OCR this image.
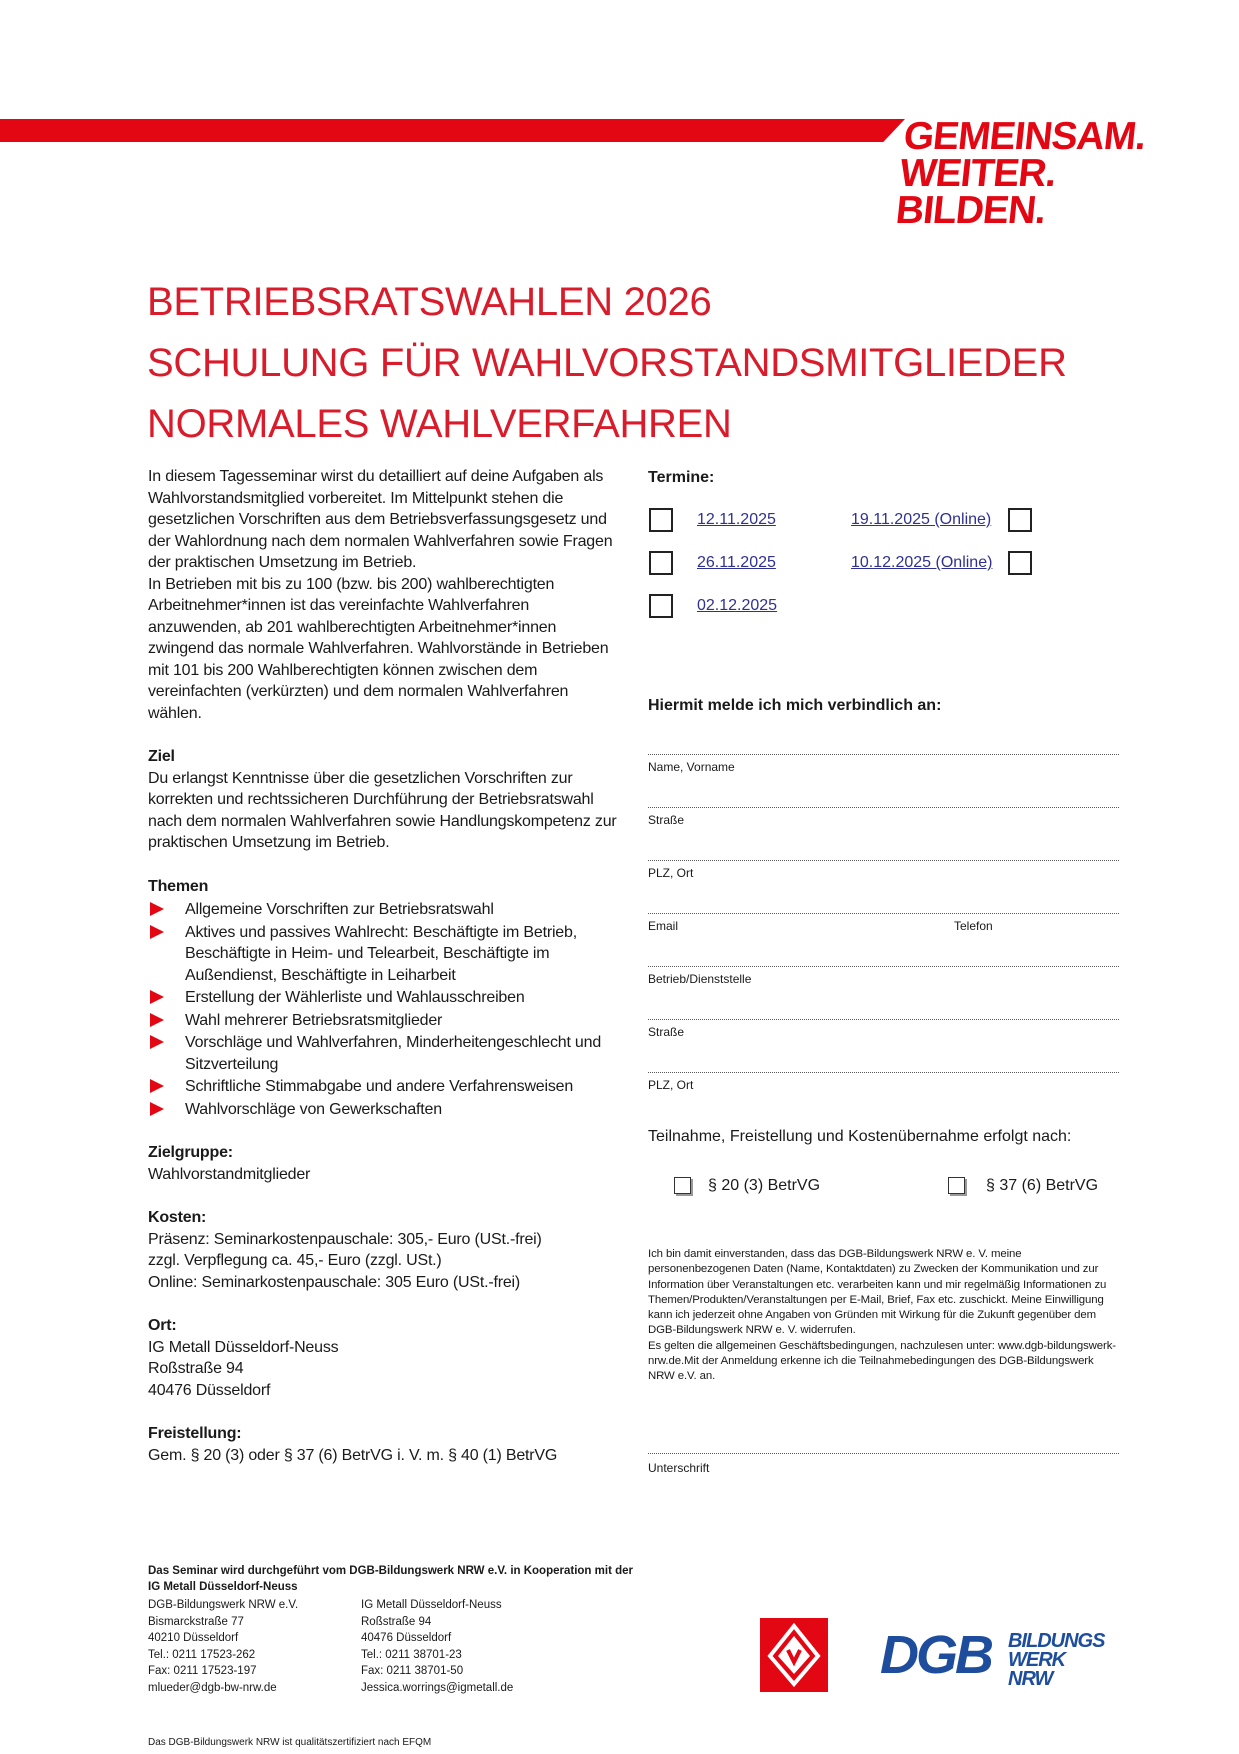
GEMEINSAM.
WEITER.
BILDEN.
BETRIEBSRATSWAHLEN 2026
SCHULUNG FÜR WAHLVORSTANDSMITGLIEDER
NORMALES WAHLVERFAHREN

In diesem Tagesseminar wirst du detailliert auf deine Aufgaben als Wahlvorstandsmitglied vorbereitet. Im Mittelpunkt stehen die gesetzlichen Vorschriften aus dem Betriebsverfassungsgesetz und der Wahlordnung nach dem normalen Wahlverfahren sowie Fragen der praktischen Umsetzung im Betrieb.

In Betrieben mit bis zu 100 (bzw. bis 200) wahlberechtigten Arbeitnehmer*innen ist das vereinfachte Wahlverfahren anzuwenden, ab 201 wahlberechtigten Arbeitnehmer*innen zwingend das normale Wahlverfahren. Wahlvorstände in Betrieben mit 101 bis 200 Wahlberechtigten können zwischen dem vereinfachten (verkürzten) und dem normalen Wahlverfahren wählen.

Ziel

Du erlangst Kenntnisse über die gesetzlichen Vorschriften zur korrekten und rechtssicheren Durchführung der Betriebsratswahl nach dem normalen Wahlverfahren sowie Handlungskompetenz zur praktischen Umsetzung im Betrieb.

Themen

Allgemeine Vorschriften zur Betriebsratswahl
Aktives und passives Wahlrecht: Beschäftigte im Betrieb, Beschäftigte in Heim- und Telearbeit, Beschäftigte im Außendienst, Beschäftigte in Leiharbeit
Erstellung der Wählerliste und Wahlausschreiben
Wahl mehrerer Betriebsratsmitglieder
Vorschläge und Wahlverfahren, Minderheitengeschlecht und Sitzverteilung
Schriftliche Stimmabgabe und andere Verfahrensweisen
Wahlvorschläge von Gewerkschaften

Zielgruppe:

Wahlvorstandmitglieder

Kosten:

Präsenz: Seminarkostenpauschale: 305,- Euro (USt.-frei)

zzgl. Verpflegung ca. 45,- Euro (zzgl. USt.)

Online: Seminarkostenpauschale: 305 Euro (USt.-frei)

Ort:

IG Metall Düsseldorf-Neuss

Roßstraße 94

40476 Düsseldorf

Freistellung:

Gem. § 20 (3) oder § 37 (6) BetrVG i. V. m. § 40 (1) BetrVG

Termine:
12.11.2025	19.11.2025 (Online)
26.11.2025	10.12.2025 (Online)
02.12.2025
Hiermit melde ich mich verbindlich an:
Name, Vorname
Straße
PLZ, Ort
Email	Telefon
Betrieb/Dienststelle
Straße
PLZ, Ort
Teilnahme, Freistellung und Kostenübernahme erfolgt nach:
§ 20 (3) BetrVG	§ 37 (6) BetrVG

Ich bin damit einverstanden, dass das DGB-Bildungswerk NRW e. V. meine personenbezogenen Daten (Name, Kontaktdaten) zu Zwecken der Kommunikation und zur Information über Veranstaltungen etc. verarbeiten kann und mir regelmäßig Informationen zu Themen/Produkten/Veranstaltungen per E-Mail, Brief, Fax etc. zuschickt. Meine Einwilligung kann ich jederzeit ohne Angaben von Gründen mit Wirkung für die Zukunft gegenüber dem DGB-Bildungswerk NRW e. V. widerrufen.

Es gelten die allgemeinen Geschäftsbedingungen, nachzulesen unter: www.dgb-bildungswerk-nrw.de.Mit der Anmeldung erkenne ich die Teilnahmebedingungen des DGB-Bildungswerk NRW e.V. an.

Unterschrift
Das Seminar wird durchgeführt vom DGB-Bildungswerk NRW e.V. in Kooperation mit der
IG Metall Düsseldorf-Neuss
DGB-Bildungswerk NRW e.V.
Bismarckstraße 77
40210 Düsseldorf
Tel.: 0211 17523-262
Fax: 0211 17523-197
mlueder@dgb-bw-nrw.de
IG Metall Düsseldorf-Neuss
Roßstraße 94
40476 Düsseldorf
Tel.: 0211 38701-23
Fax: 0211 38701-50
Jessica.worrings@igmetall.de
Das DGB-Bildungswerk NRW ist qualitätszertifiziert nach EFQM
DGB BILDUNGS
WERK NRW
